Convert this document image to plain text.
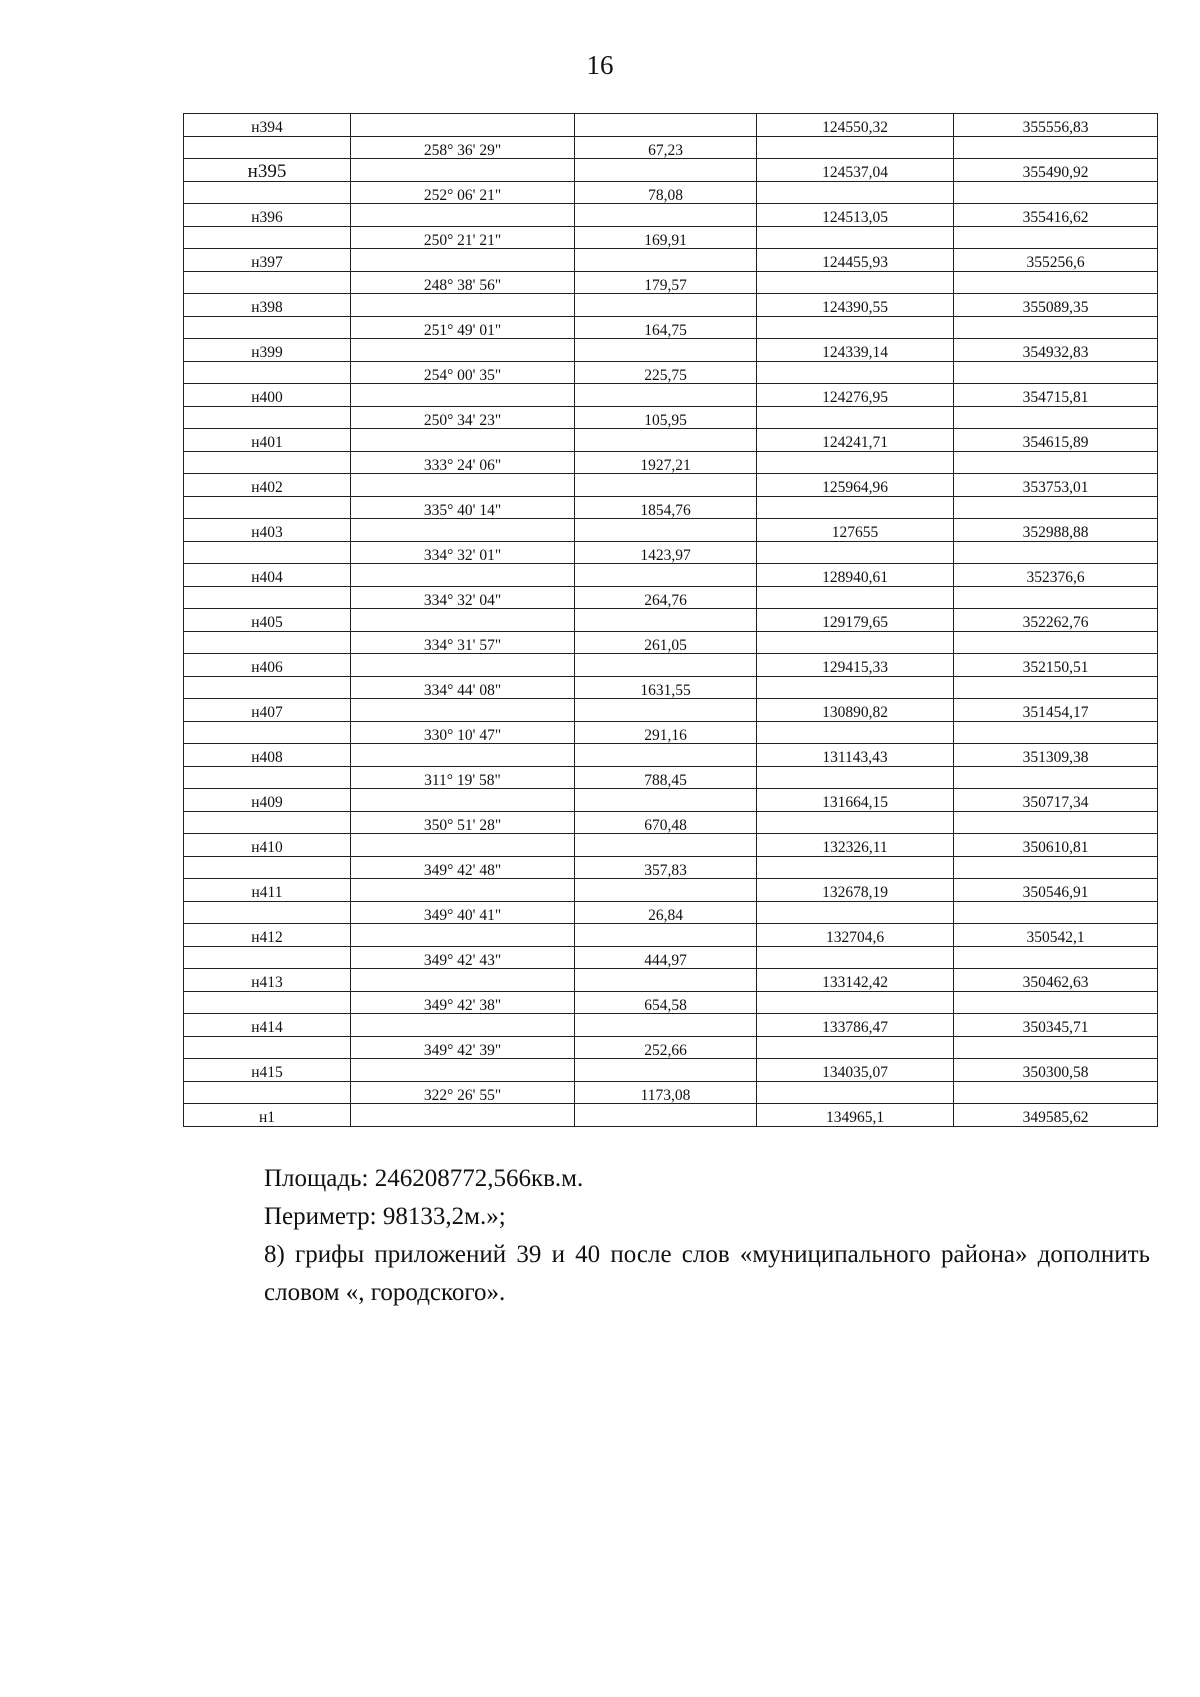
16
н394			124550,32	355556,83
	258° 36' 29"	67,23		
н395			124537,04	355490,92
	252° 06' 21"	78,08		
н396			124513,05	355416,62
	250° 21' 21"	169,91		
н397			124455,93	355256,6
	248° 38' 56"	179,57		
н398			124390,55	355089,35
	251° 49' 01"	164,75		
н399			124339,14	354932,83
	254° 00' 35"	225,75		
н400			124276,95	354715,81
	250° 34' 23"	105,95		
н401			124241,71	354615,89
	333° 24' 06"	1927,21		
н402			125964,96	353753,01
	335° 40' 14"	1854,76		
н403			127655	352988,88
	334° 32' 01"	1423,97		
н404			128940,61	352376,6
	334° 32' 04"	264,76		
н405			129179,65	352262,76
	334° 31' 57"	261,05		
н406			129415,33	352150,51
	334° 44' 08"	1631,55		
н407			130890,82	351454,17
	330° 10' 47"	291,16		
н408			131143,43	351309,38
	311° 19' 58"	788,45		
н409			131664,15	350717,34
	350° 51' 28"	670,48		
н410			132326,11	350610,81
	349° 42' 48"	357,83		
н411			132678,19	350546,91
	349° 40' 41"	26,84		
н412			132704,6	350542,1
	349° 42' 43"	444,97		
н413			133142,42	350462,63
	349° 42' 38"	654,58		
н414			133786,47	350345,71
	349° 42' 39"	252,66		
н415			134035,07	350300,58
	322° 26' 55"	1173,08		
н1			134965,1	349585,62

Площадь: 246208772,566кв.м.

Периметр: 98133,2м.»;

8) грифы приложений 39 и 40 после слов «муниципального района» дополнить словом «, городского».
